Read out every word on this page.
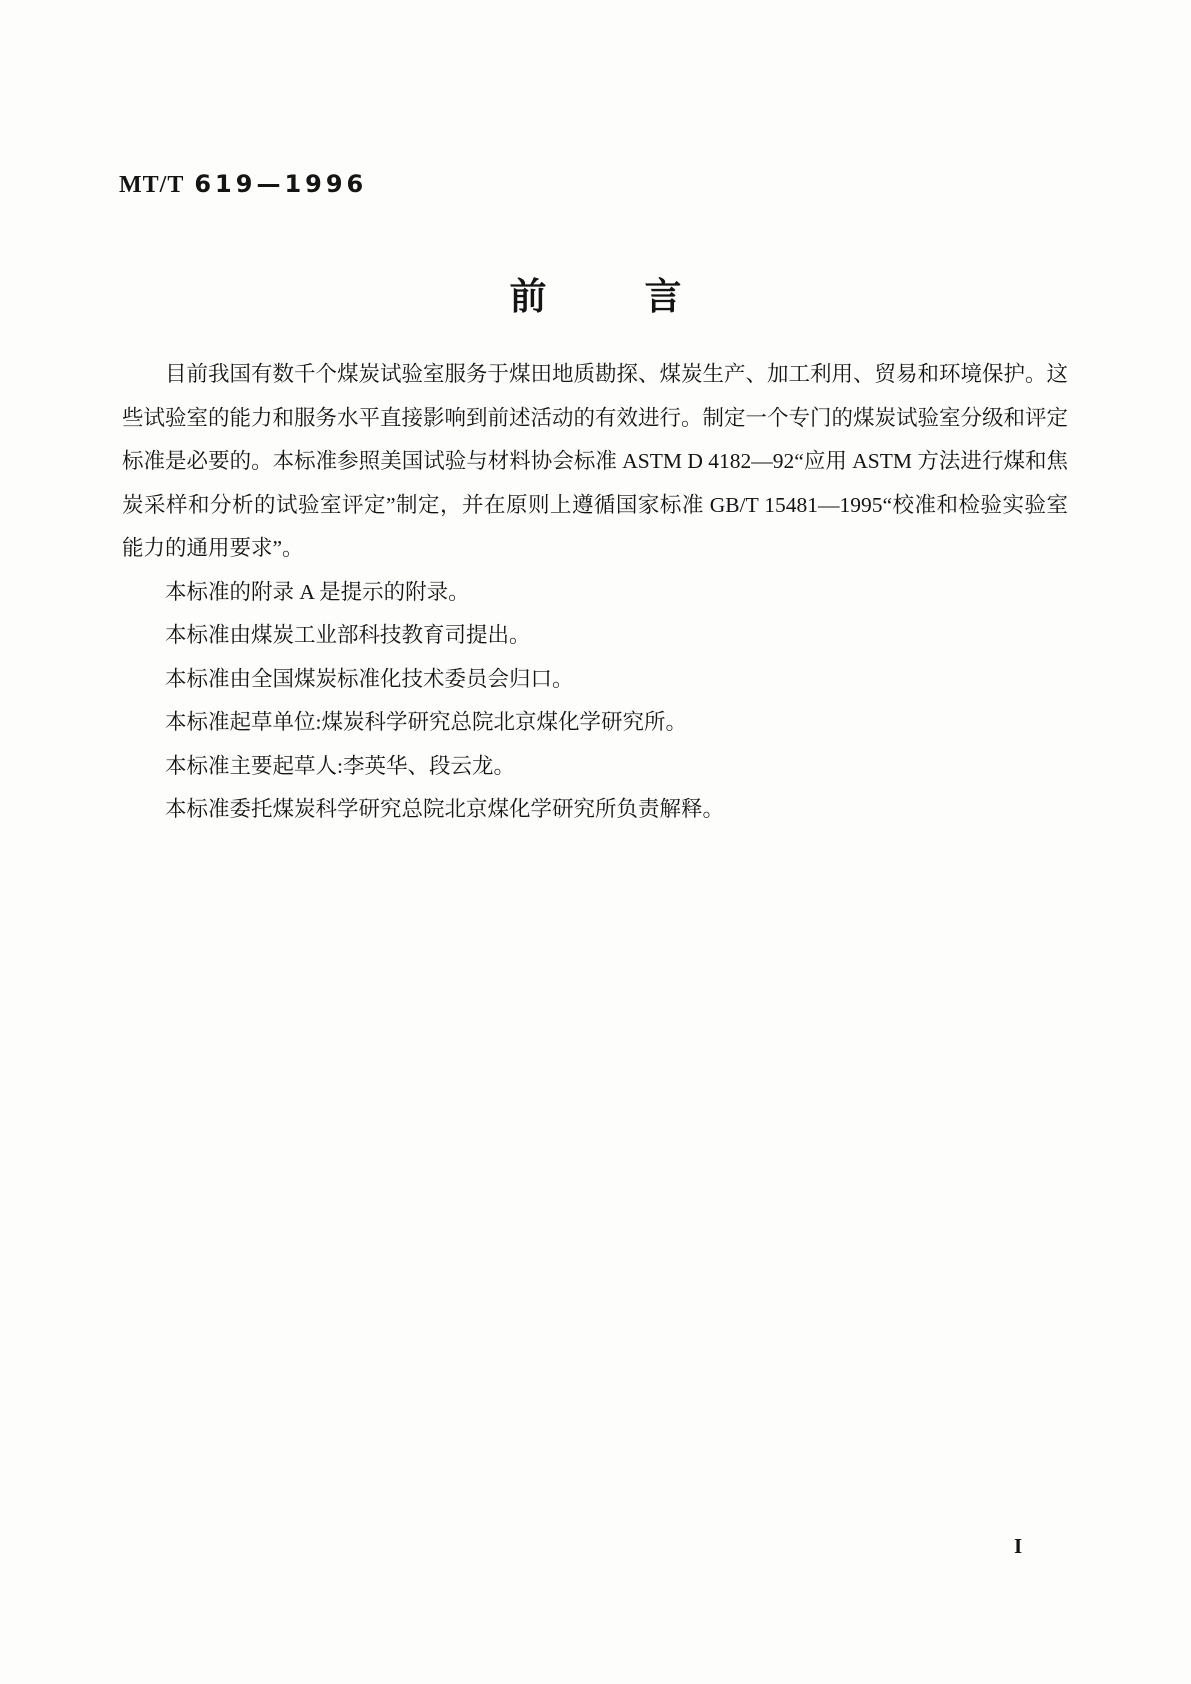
MT/T 619—1996
前	言

目前我国有数千个煤炭试验室服务于煤田地质勘探、煤炭生产、加工利用、贸易和环境保护。这些试验室的能力和服务水平直接影响到前述活动的有效进行。制定一个专门的煤炭试验室分级和评定标准是必要的。本标准参照美国试验与材料协会标准 ASTM D 4182—92“应用 ASTM 方法进行煤和焦炭采样和分析的试验室评定”制定，并在原则上遵循国家标准 GB/T 15481—1995“校准和检验实验室能力的通用要求”。

本标准的附录 A 是提示的附录。

本标准由煤炭工业部科技教育司提出。

本标准由全国煤炭标准化技术委员会归口。

本标准起草单位:煤炭科学研究总院北京煤化学研究所。

本标准主要起草人:李英华、段云龙。

本标准委托煤炭科学研究总院北京煤化学研究所负责解释。

I
